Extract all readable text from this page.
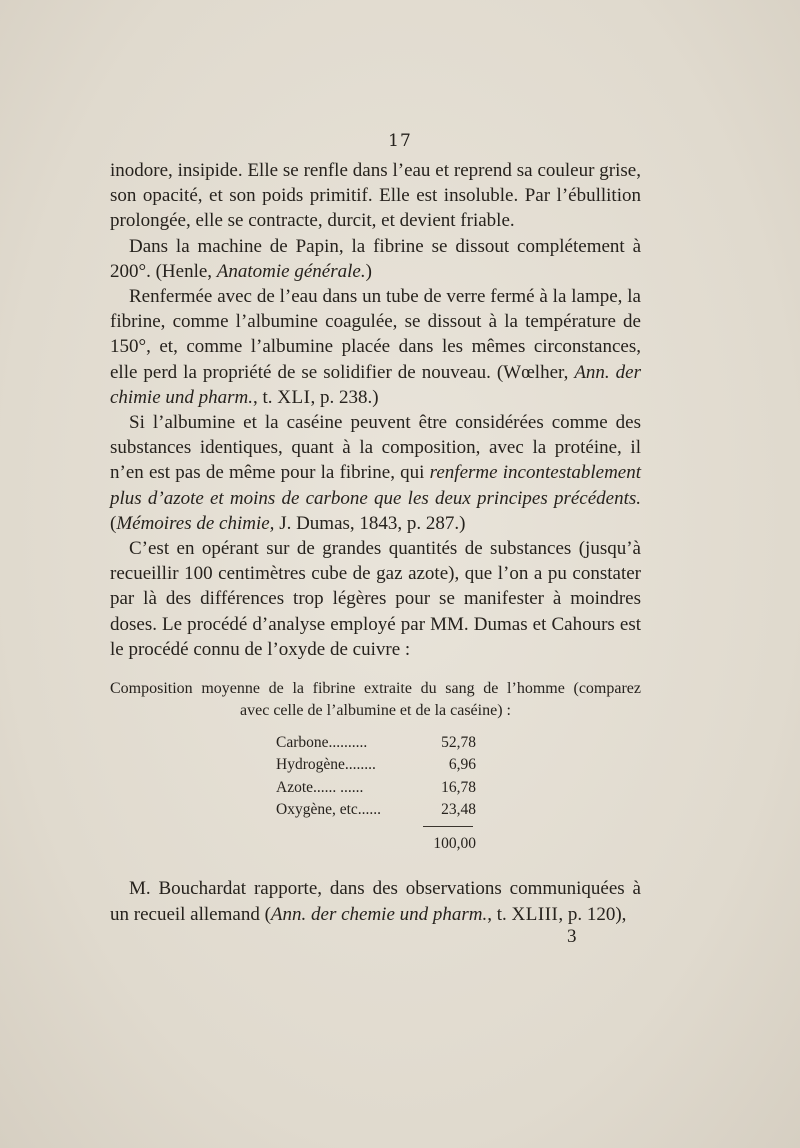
17

inodore, insipide. Elle se renfle dans l’eau et reprend sa couleur grise, son opacité, et son poids primitif. Elle est insoluble. Par l’ébullition prolongée, elle se contracte, durcit, et devient friable.

Dans la machine de Papin, la fibrine se dissout complétement à 200°. (Henle, Anatomie générale.)

Renfermée avec de l’eau dans un tube de verre fermé à la lampe, la fibrine, comme l’albumine coagulée, se dissout à la température de 150°, et, comme l’albumine placée dans les mêmes circonstances, elle perd la propriété de se solidifier de nouveau. (Wœlher, Ann. der chimie und pharm., t. XLI, p. 238.)

Si l’albumine et la caséine peuvent être considérées comme des substances identiques, quant à la composition, avec la protéine, il n’en est pas de même pour la fibrine, qui renferme incontestablement plus d’azote et moins de carbone que les deux principes précédents. (Mémoires de chimie, J. Dumas, 1843, p. 287.)

C’est en opérant sur de grandes quantités de substances (jusqu’à recueillir 100 centimètres cube de gaz azote), que l’on a pu constater par là des différences trop légères pour se manifester à moindres doses. Le procédé d’analyse employé par MM. Dumas et Cahours est le procédé connu de l’oxyde de cuivre :

Composition moyenne de la fibrine extraite du sang de l’homme (comparez
avec celle de l’albumine et de la caséine) :
Carbone..........	52,78
Hydrogène........	6,96
Azote...... ......	16,78
Oxygène, etc......	23,48
100,00

M. Bouchardat rapporte, dans des observations communiquées à un recueil allemand (Ann. der chemie und pharm., t. XLIII, p. 120),

3
